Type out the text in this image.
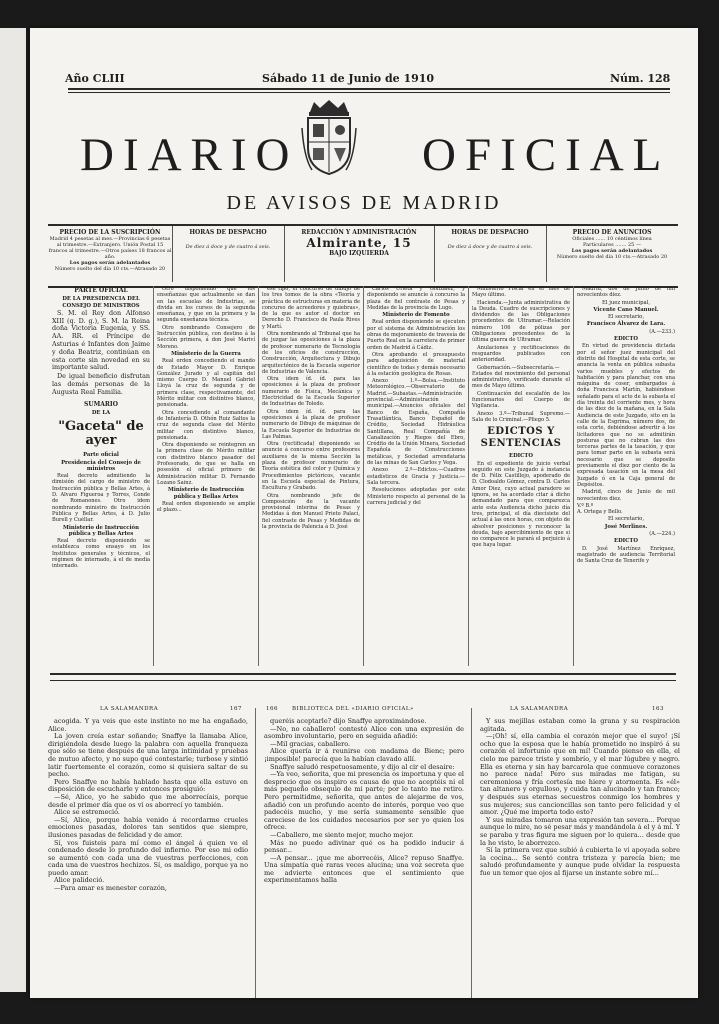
Año CLIII	Sábado 11 de Junio de 1910	Núm. 128
DIARIO	OFICIAL
DE AVISOS DE MADRID
PRECIO DE LA SUSCRIPCIÓN
Madrid 4 pesetas al mes.—Provincias 6 pesetas al trimestre.—Extranjero. Unión Postal 15 francos al trimestre.—Otros países 18 francos al año.
Los pagos serán adelantados
Número suelto del día 10 cts.—Atrasado 20
HORAS DE DESPACHO
De diez á doce y de cuatro á seis.
REDACCIÓN Y ADMINISTRACIÓN
Almirante, 15
BAJO IZQUIERDA
HORAS DE DESPACHO
De diez á doce y de cuatro á seis.
PRECIO DE ANUNCIOS
Oficiales ...... 10 céntimos línea
Particulares ....... 25 —
Los pagos serán adelantados
Número suelto del día 10 cts.—Atrasado 20
PARTE OFICIAL
DE LA PRESIDENCIA DEL CONSEJO DE MINISTROS

S. M. el Rey don Alfonso XIII (q. D. g.), S. M. la Reina doña Victoria Eugenia, y SS. AA. RR. el Príncipe de Asturias é Infantes don Jaime y doña Beatriz, continúan en esta corte sin novedad en su importante salud.

De igual beneficio disfrutan las demás personas de la Augusta Real Familia.

SUMARIO
DE LA
"Gaceta" de ayer
Parte oficial
Presidencia del Consejo de ministros

Real decreto admitiendo la dimisión del cargo de ministro de Instrucción pública y Bellas Artes, á D. Alvaro Figueroa y Torres, Conde de Romanones. Otro idem nombrando ministro de Instrucción Pública y Bellas Artes, á D. Julio Burell y Cuéllar.

Ministerio de Instrucción pública y Bellas Artes

Real decreto disponiendo se establezca como ensayo en los Institutos generales y técnicos, el régimen de internado, á el de media internado.

Otro disponiendo que los enseñanzas que actualmente se dan en las escuelas de Industrias, se divida en los cursos de la segunda enseñanza, y que en la primera y la segunda enseñanza técnica.

Otro nombrando Consejero de Instrucción pública, con destino á la Sección primera, á don José Mariví Moreno.

Ministerio de la Guerra

Real orden concediendo el mando de Estado Mayor D. Enrique González Jurado y al capitán del mismo Cuerpo D. Manuel Gabriel Lloyá la cruz de segunda y de primera clase, respectivamente, del Mérito militar con distintivo blanco, pensionada.

Otra concediendo al comandante de Infantería D. Othón Ruiz Saltos la cruz de segunda clase del Mérito militar con distintivo blanco, pensionada.

Otra disponiendo se reintegren en la primera clase de Mérito militar con distintivo blanco pasador del Profesorado, de que se halla en posesión el oficial primero de Administración militar D. Fernando Lozano Sainz.

Ministerio de Instrucción pública y Bellas Artes

Real orden disponiendo se amplíe el plazo...

ese tipo, el concurso de dibujo de los tres tomos de la obra «Teoría y práctica de estructuras en materia de concurso de acreedores y quiebras», de la que es autor el doctor en Derecho D. Francisco de Paula Rives y Martí.

Otra nombrando al Tribunal que ha de juzgar las oposiciones á la plaza de profesor numerario de Tecnología de los oficios de construcción, Construcción, Arquitectura y Dibujo arquitectónico de la Escuela superior de Industrias de Valencia.

Otra idem íd. íd. para las oposiciones á la plaza de profesor numerario de Física, Mecánica y Electricidad de la Escuela Superior de Industrias de Toledo.

Otra idem íd. íd. para las oposiciones á la plaza de profesor numerario de Dibujo de máquinas de la Escuela Superior de Industrias de Las Palmas.

Otra (rectificada) disponiendo se anuncie á concurso entre profesores auxiliares de la misma Sección la plaza de profesor numerario de Teoría estética del color y Química y Procedimientos pictóricos, vacante en la Escuela especial de Pintura, Escultura y Grabado.

Otra nombrando jefe de Composición de la vacante provisional interina de Pesas y Medidas á don Manuel Prieto Palací, fiel contraste de Pesas y Medidas de la provincia de Palencia á D. José

Carlos Urieta y González, y disponiendo se anuncie á concurso la plaza de fiel contraste de Pesas y Medidas de la provincia de Lugo.

Ministerio de Fomento

Real orden disponiendo se ejecuten por el sistema de Administración los obras de mejoramiento de travesía de Puerto Real en la carretera de primer orden de Madrid á Cádiz.

Otra aprobando el presupuesto para adquisición de material científico de todas y demás necesario á la estación geológica de Rosas.

Anexo 1.º—Bolsa.—Instituto Meteorológico.—Observatorio de Madrid.—Subastas.—Administración provincial.—Administración municipal.—Anuncios oficiales del Banco de España, Compañía Trasatlántica, Banco Español de Crédito, Sociedad Hidráulica Santillana, Real Compañía de Canalización y Riegos del Ebro, Crédito de la Unión Minera, Sociedad Española de Construcciones metálicas, y Sociedad arrendataria de las minas de San Carlos y Vega.

Anexo 2.º—Edictos.—Cuadros estadísticos de Gracia y Justicia.—Sala tercera.

Resoluciones adoptadas por este Ministerio respecto al personal de la carrera judicial y del

Ministerio Fiscal en el mes de Mayo último.

Hacienda.—Junta administrativa de la Deuda. Cuadro de suscripciones y dividendos de las Obligaciones procedentes de Ultramar.—Relación número 106 de pólizas por Obligaciones procedentes de la última guerra de Ultramar.

Anulaciones y rectificaciones de resguardos publicados con anterioridad.

Gobernación.—Subsecretaría.—Estados del movimiento del personal administrativo, verificado durante el mes de Mayo último.

Continuación del escalafón de los funcionarios del Cuerpo de Vigilancia.

Anexo 3.º—Tribunal Supremo.—Sala de lo Criminal.—Pliego 5.

EDICTOS Y SENTENCIAS
EDICTO

En el expediente de juicio verbal seguido en este Juzgado á instancia de D. Félix Castillejo, apoderado de D. Clodoaldo Gómez, contra D. Carlos Amor Diez, cuyo actual paradero se ignora, se ha acordado citar á dicho demandado para que comparezca ante esta Audiencia dicho juicio día tres, principal, el día diecisiete del actual á las once horas, con objeto de absolver posiciones y reconocer la deuda, bajo apercibimiento de que si no comparece le parará el perjuicio á que haya lugar.

Madrid, dos de Junio de mil novecientos diez.

El juez municipal,
Vicente Cano Manuel.
El secretario,
Francisco Álvarez de Lara.
(A.—233.)
EDICTO

En virtud de providencia dictada por el señor juez municipal del distrito del Hospital de esta corte, se anuncia la venta en pública subasta varios muebles y efectos de habitación y para planchar, con una máquina de coser, embargados á doña Francisca Martín, habiéndose señalado para el acto de la subasta el día treinta del corriente mes, y hora de las diez de la mañana, en la Sala Audiencia de este Juzgado, sito en la calle de la Esgrima, número dos, de esta corte, debiéndose advertir á los licitadores que no se admitirán posturas que no cubran las dos terceras partes de la tasación, y que para tomar parte en la subasta será necesario que se deposite previamente el diez por ciento de la expresada tasación en la mesa del Juzgado ó en la Caja general de Depósitos.

Madrid, cinco de Junio de mil novecientos diez.

V.º B.º
A. Ortega y Bello.
El secretario,
José Merlines.
(A.—224.)
EDICTO

D. José Martínez Enríquez, magistrado de audiencia Territorial de Santa Cruz de Tenerife y

LA SALAMANDRA	167

acogida. Y ya veis que este instinto no me ha engañado, Alice.

La joven creía estar soñando; Snaffye la llamaba Alice, dirigiéndola desde luego la palabra con aquella franqueza que sólo se tiene después de una larga intimidad y pruebas de mutuo afecto, y no supo qué contestarle; turbose y sintió latir fuertemente el corazón, como si quisiera saltar de su pecho.

Pero Snaffye no había hablado hasta que ella estuvo en disposición de escucharle y entonces prosiguió:

—Sé, Alice, yo he sabido que me aborrecíais, porque desde el primer día que os ví os aborrecí yo también.

Alice se estremeció.

—Sí, Alice, porque había venido á recordarme crueles emociones pasadas, dolores tan sentidos que siempre, ilusiones pasadas de felicidad y de amor.

Sí, vos fuisteis para mí como el ángel á quien ve el condenado desde lo profundo del infierno. Por eso mi odio se aumentó con cada una de vuestras perfecciones, con cada una de vuestros hechizos. Sí, os maldigo, porque ya no puedo amar.

Alice palideció.

—Para amar es menester corazón,

166	BIBLIOTECA DEL «DIARIO OFICIAL»

queréis aceptarle? dijo Snaffye aproximándose.

—No, no caballero! contestó Alice con una expresión de asombro involuntario, pero en seguida añadió:

—Mil gracias, caballero.

Alice quería ir á reunirse con madama de Bienc; pero ¡imposible! parecía que la habían clavado allí.

Snaffye saludó respetuosamente, y dijo al cir el desaire:

—Ya veo, señorita, que mi presencia os importuna y que el desprecio que os inspiro es causa de que no aceptéis ni el más pequeño obsequio de mi parte; por lo tanto me retiro. Pero permitidme, señorita, que antes de alejarme de vos, añadió con un profundo acento de interés, porque veo que padecéis mucho, y me sería sumamente sensible que careciese de los cuidados necesarios por ser yo quien los ofrece.

—Caballero, me siento mejor, mucho mejor.

Más no puedo adivinar qué os ha podido inducir á pensar...

—A pensar... ¡que me aborrecéis, Alice? repuso Snaffye. Una simpatía que raras veces alucina; una voz secreta que me advierte entonces que el sentimiento que experimentamos halla

LA SALAMANDRA	163

Y sus mejillas estaban como la grana y su respiración agitada.

—¡Oh! sí, ella cambia el corazón mejor que el suyo! ¡Sí ocho que la esposa que le había prometido no inspiró á su corazón el infortunio que en mí! Cuando pienso en ella, el cielo me parece triste y sombrío, y el mar lúgubre y negro. Ella es eterna y sin hay barcarola que conmueve corazones no parece nada! Pero sus miradas me fatigan, su ceremoniosa y fría cortesía me hiere y atormenta. Es «él» tan altanero y orgulloso, y cuida tan alucinado y tan franco; y después sus eternas secuestros conmigo los hombres y sus mujeres; sus cancioncillas son tanto pero felicidad y el amor. ¿Qué me importa todo esto?

Y sus miradas tomaron una expresión tan severa... Porque aunque lo mire, no sé pesar más y mandándola á el y á mí. Y se paraba y tras figura me siguen por lo quiera... desde que la he visto, le aborrezco.

Sí la primera vez que subió á cubierta le vi apoyada sobre la cocina... Se sentó contra tristeza y parecía bien; me saludó profundamente y aunque pude olvidar la respuesta fue un temor que ojos al fijarse un instante sobre mí...
